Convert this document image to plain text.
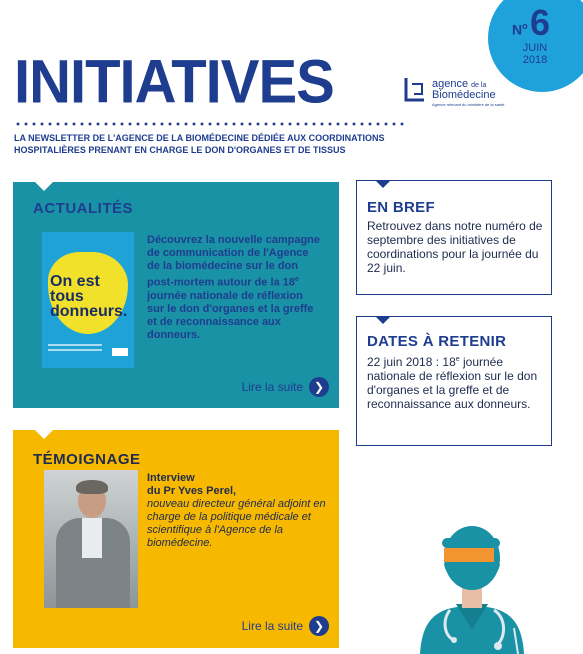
INITIATIVES
LA NEWSLETTER DE L'AGENCE DE LA BIOMÉDECINE DÉDIÉE AUX COORDINATIONS
HOSPITALIÈRES PRENANT EN CHARGE LE DON D'ORGANES ET DE TISSUS
$N^o$ 6
JUIN
2018
agence de la
Biomédecine
Agence relevant du ministère de la santé
ACTUALITÉS
On est tous donneurs.
Découvrez la nouvelle campagne de communication de l'Agence de la biomédecine sur le don post-mortem autour de la 18e journée nationale de réflexion sur le don d'organes et la greffe et de reconnaissance aux donneurs.
Lire la suite ❯
TÉMOIGNAGE
Interview
du Pr Yves Perel,
nouveau directeur général adjoint en charge de la politique médicale et scientifique à l'Agence de la biomédecine.
Lire la suite ❯
EN BREF
Retrouvez dans notre numéro de septembre des initiatives de coordinations pour la journée du 22 juin.
DATES À RETENIR
22 juin 2018 : 18e journée nationale de réflexion sur le don d'organes et la greffe et de reconnaissance aux donneurs.
